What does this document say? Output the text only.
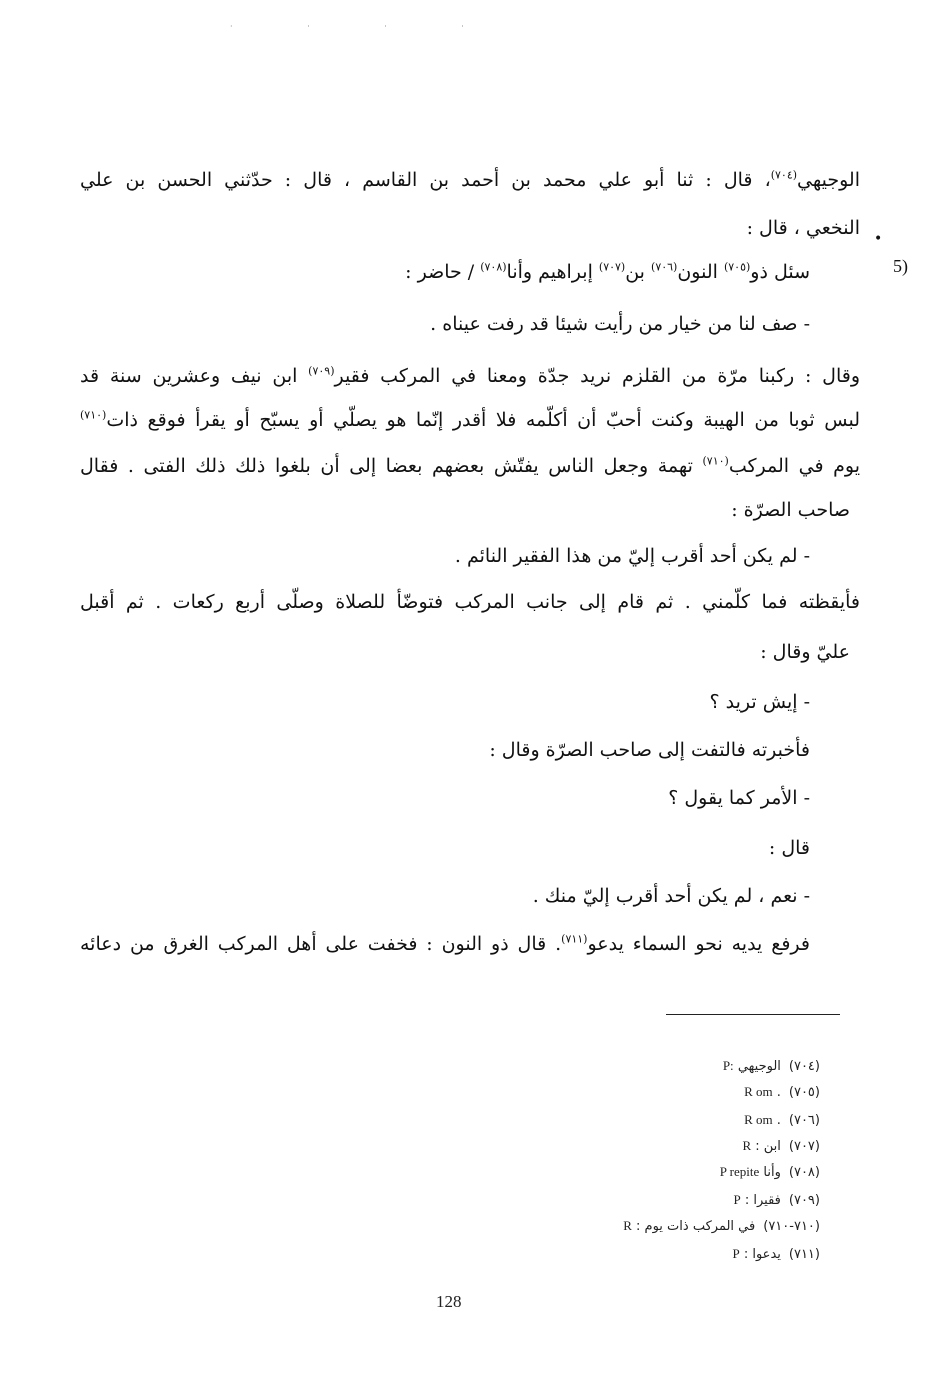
· · · ·
الوجيهي$^{(٧٠٤)}$، قال : ثنا أبو علي محمد بن أحمد بن القاسم ، قال : حدّثني الحسن بن علي
•
النخعي ، قال :
5)
سئل ذو$^{(٧٠٥)}$ النون$^{(٧٠٦)}$ بن$^{(٧٠٧)}$ إبراهيم وأنا$^{(٧٠٨)}$ / حاضر :
- صف لنا من خيار من رأيت شيئا قد رفت عيناه .
وقال : ركبنا مرّة من القلزم نريد جدّة ومعنا في المركب فقير$^{(٧٠٩)}$ ابن نيف وعشرين سنة قد
لبس ثوبا من الهيبة وكنت أحبّ أن أكلّمه فلا أقدر إنّما هو يصلّي أو يسبّح أو يقرأ فوقع ذات$^{(٧١٠)}$
يوم في المركب$^{(٧١٠)}$ تهمة وجعل الناس يفتّش بعضهم بعضا إلى أن بلغوا ذلك ذلك الفتى . فقال
صاحب الصرّة :
- لم يكن أحد أقرب إليّ من هذا الفقير النائم .
فأيقظته فما كلّمني . ثم قام إلى جانب المركب فتوضّأ للصلاة وصلّى أربع ركعات . ثم أقبل
عليّ وقال :
- إيش تريد ؟
فأخبرته فالتفت إلى صاحب الصرّة وقال :
- الأمر كما يقول ؟
قال :
- نعم ، لم يكن أحد أقرب إليّ منك .
فرفع يديه نحو السماء يدعو$^{(٧١١)}$. قال ذو النون : فخفت على أهل المركب الغرق من دعائه
(٧٠٤)الوجيهي P:
(٧٠٥). R om
(٧٠٦). R om
(٧٠٧)ابن : R
(٧٠٨)وأنا P repite
(٧٠٩)فقيرا : P
(٧١٠-٧١٠)في المركب ذات يوم : R
(٧١١)يدعوا : P
128
